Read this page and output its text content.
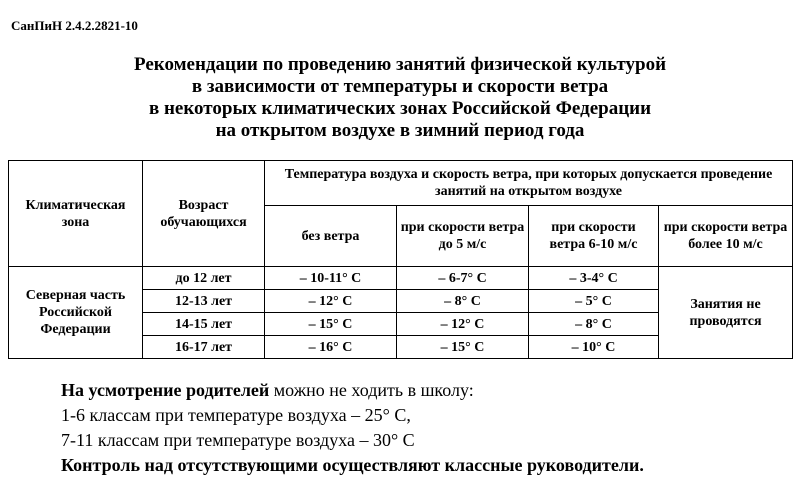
СанПиН 2.4.2.2821-10
Рекомендации по проведению занятий физической культурой
в зависимости от температуры и скорости ветра
в некоторых климатических зонах Российской Федерации
на открытом воздухе в зимний период года
Климатическая зона	Возраст обучающихся	Температура воздуха и скорость ветра, при которых допускается проведение занятий на открытом воздухе			
		без ветра	при скорости ветра до 5 м/с	при скорости ветра 6-10 м/с	при скорости ветра более 10 м/с
Северная часть Российской Федерации	до 12 лет	– 10-11° С	– 6-7° С	– 3-4° С	Занятия не проводятся
	12-13 лет	– 12° С	– 8° С	– 5° С	
	14-15 лет	– 15° С	– 12° С	– 8° С	
	16-17 лет	– 16° С	– 15° С	– 10° С	
На усмотрение родителей можно не ходить в школу:
1-6 классам при температуре воздуха – 25° С,
7-11 классам при температуре воздуха – 30° С
Контроль над отсутствующими осуществляют классные руководители.
